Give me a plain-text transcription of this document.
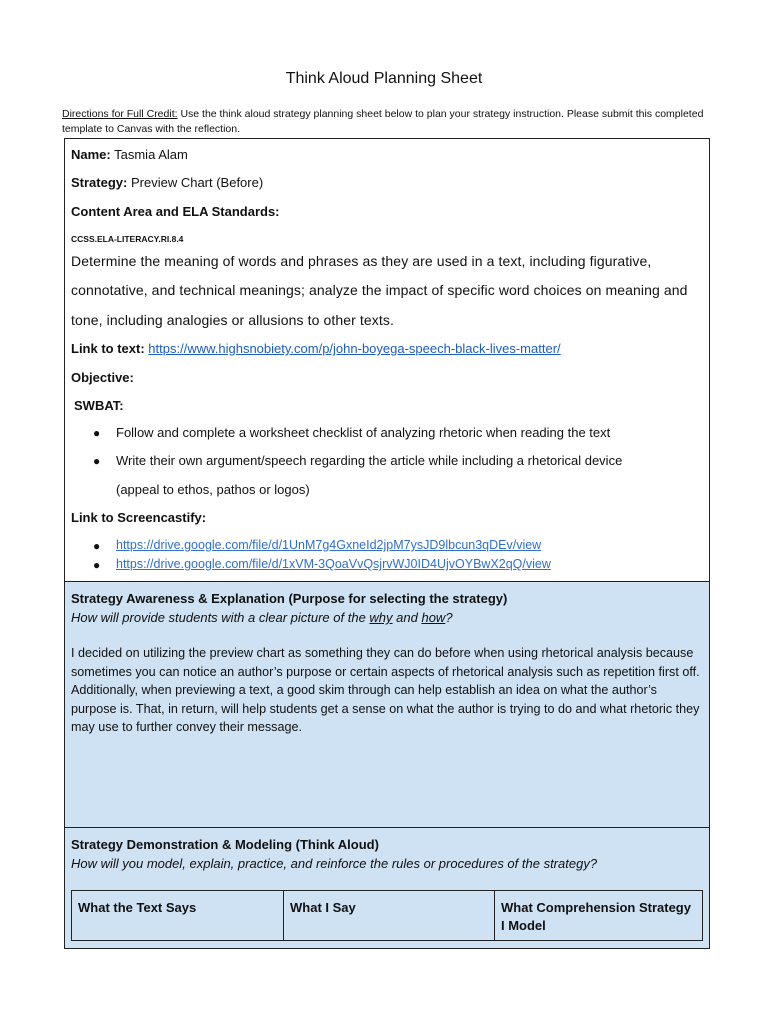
Think Aloud Planning Sheet
Directions for Full Credit: Use the think aloud strategy planning sheet below to plan your strategy instruction. Please submit this completed template to Canvas with the reflection.
Name: Tasmia Alam
Strategy: Preview Chart (Before)
Content Area and ELA Standards:
CCSS.ELA-LITERACY.RI.8.4
Determine the meaning of words and phrases as they are used in a text, including figurative,
connotative, and technical meanings; analyze the impact of specific word choices on meaning and
tone, including analogies or allusions to other texts.
Link to text: https://www.highsnobiety.com/p/john-boyega-speech-black-lives-matter/
Objective:
SWBAT:
● Follow and complete a worksheet checklist of analyzing rhetoric when reading the text
● Write their own argument/speech regarding the article while including a rhetorical device
(appeal to ethos, pathos or logos)
Link to Screencastify:
● https://drive.google.com/file/d/1UnM7g4GxneId2jpM7ysJD9lbcun3qDEv/view
● https://drive.google.com/file/d/1xVM-3QoaVvQsjrvWJ0ID4UjvOYBwX2qQ/view
Strategy Awareness & Explanation (Purpose for selecting the strategy)
How will provide students with a clear picture of the why and how?
I decided on utilizing the preview chart as something they can do before when using rhetorical analysis because sometimes you can notice an author’s purpose or certain aspects of rhetorical analysis such as repetition first off. Additionally, when previewing a text, a good skim through can help establish an idea on what the author’s purpose is. That, in return, will help students get a sense on what the author is trying to do and what rhetoric they may use to further convey their message.
Strategy Demonstration & Modeling (Think Aloud)
How will you model, explain, practice, and reinforce the rules or procedures of the strategy?
What the Text Says	What I Say	What Comprehension Strategy I Model
